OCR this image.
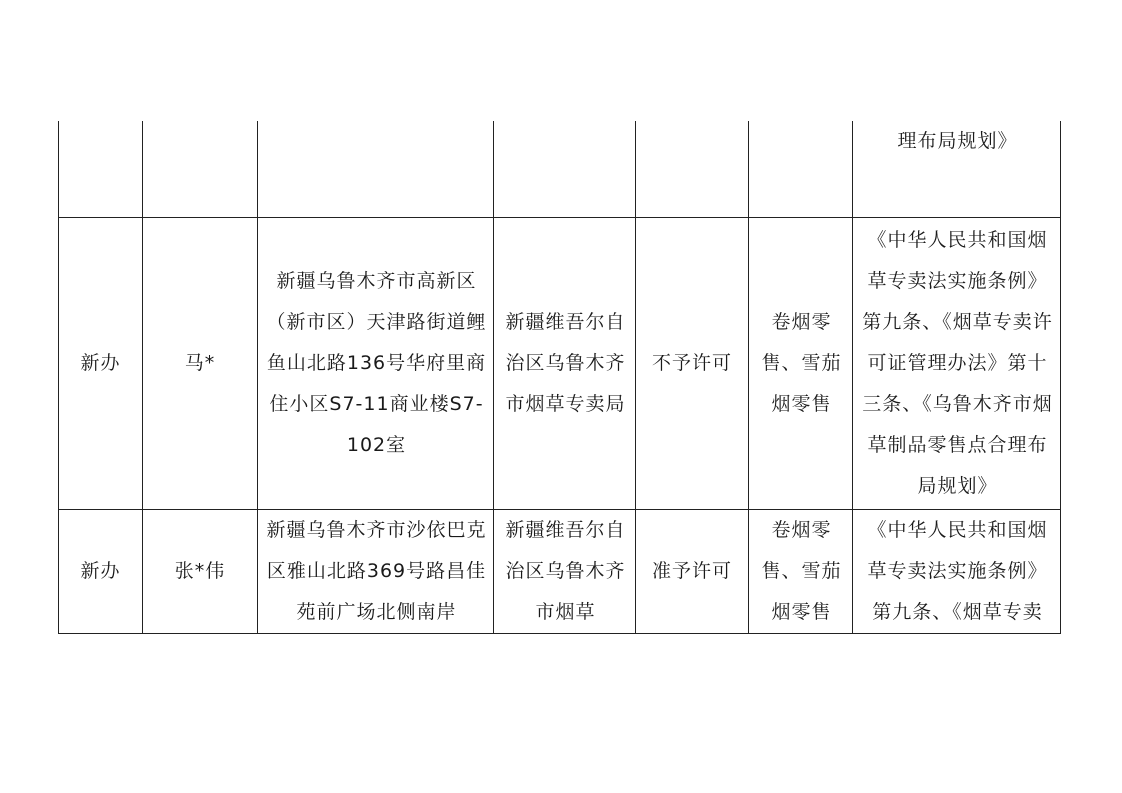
						理布局规划》

新办	马*	新疆乌鲁木齐市高新区（新市区）天津路街道鲤鱼山北路136号华府里商住小区S7-11商业楼S7-102室	新疆维吾尔自治区乌鲁木齐市烟草专卖局	不予许可	卷烟零售、雪茄烟零售	《中华人民共和国烟草专卖法实施条例》第九条、《烟草专卖许可证管理办法》第十三条、《乌鲁木齐市烟草制品零售点合理布局规划》

新办	张*伟	新疆乌鲁木齐市沙依巴克区雅山北路369号路昌佳苑前广场北侧南岸	新疆维吾尔自治区乌鲁木齐市烟草	准予许可	卷烟零售、雪茄烟零售	《中华人民共和国烟草专卖法实施条例》第九条、《烟草专卖
